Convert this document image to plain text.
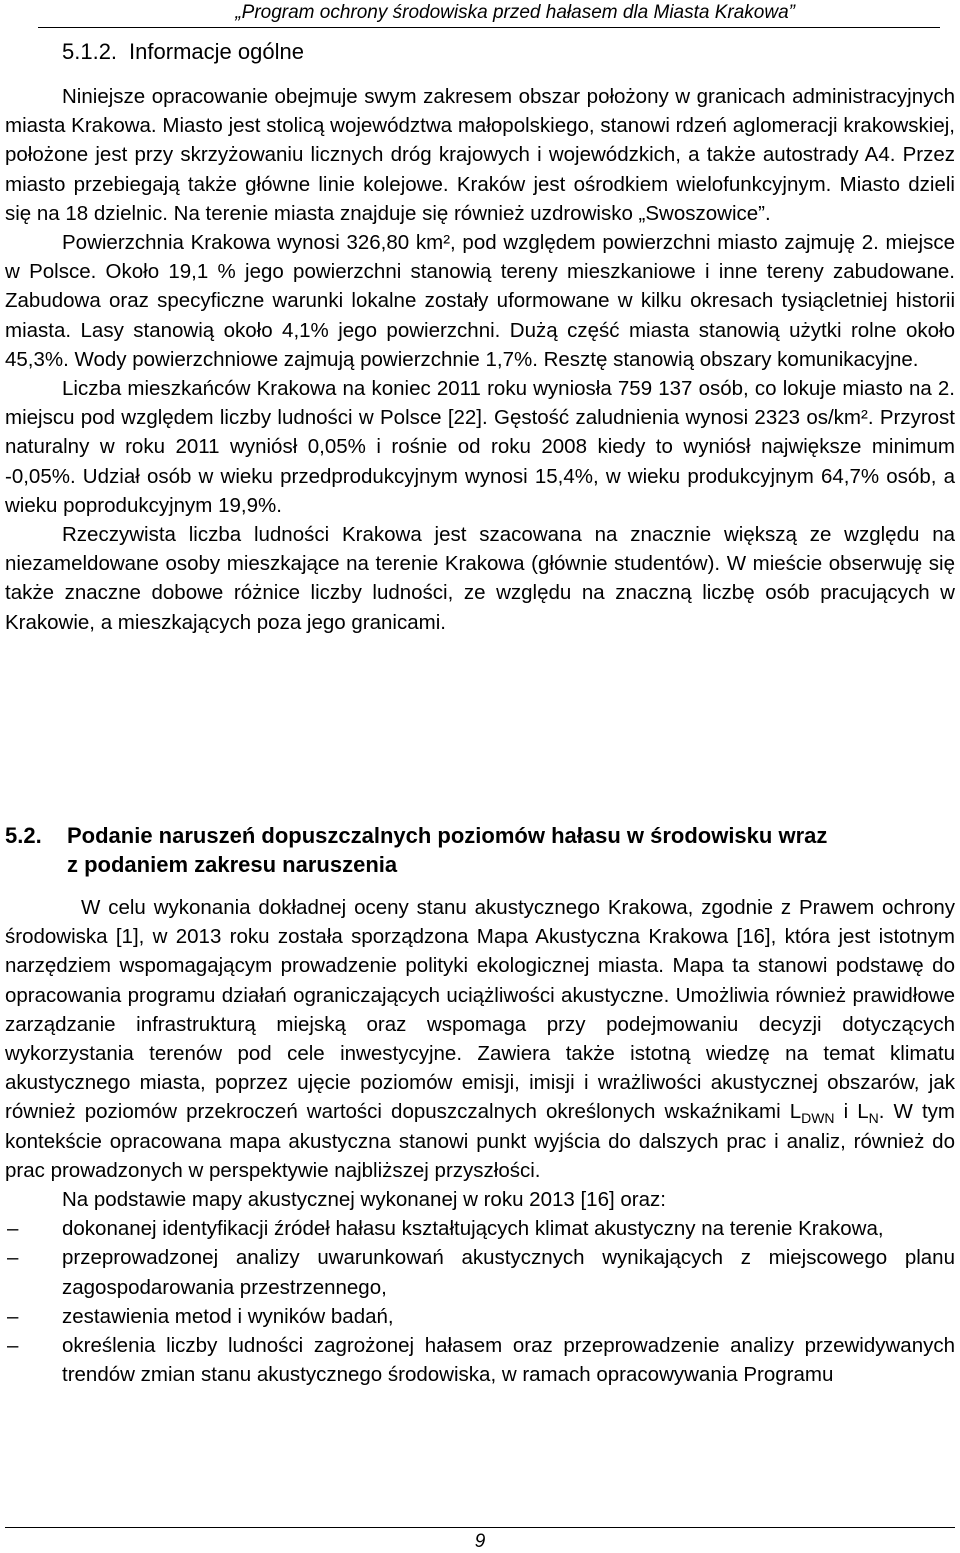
„Program ochrony środowiska przed hałasem dla Miasta Krakowa”
5.1.2. Informacje ogólne

Niniejsze opracowanie obejmuje swym zakresem obszar położony w granicach administracyjnych miasta Krakowa. Miasto jest stolicą województwa małopolskiego, stanowi rdzeń aglomeracji krakowskiej, położone jest przy skrzyżowaniu licznych dróg krajowych i wojewódzkich, a także autostrady A4. Przez miasto przebiegają także główne linie kolejowe. Kraków jest ośrodkiem wielofunkcyjnym. Miasto dzieli się na 18 dzielnic. Na terenie miasta znajduje się również uzdrowisko „Swoszowice”.

Powierzchnia Krakowa wynosi 326,80 km², pod względem powierzchni miasto zajmuję 2. miejsce w Polsce. Około 19,1 % jego powierzchni stanowią tereny mieszkaniowe i inne tereny zabudowane. Zabudowa oraz specyficzne warunki lokalne zostały uformowane w kilku okresach tysiącletniej historii miasta. Lasy stanowią około 4,1% jego powierzchni. Dużą część miasta stanowią użytki rolne około 45,3%. Wody powierzchniowe zajmują powierzchnie 1,7%. Resztę stanowią obszary komunikacyjne.

Liczba mieszkańców Krakowa na koniec 2011 roku wyniosła 759 137 osób, co lokuje miasto na 2. miejscu pod względem liczby ludności w Polsce [22]. Gęstość zaludnienia wynosi 2323 os/km². Przyrost naturalny w roku 2011 wyniósł 0,05% i rośnie od roku 2008 kiedy to wyniósł największe minimum -0,05%. Udział osób w wieku przedprodukcyjnym wynosi 15,4%, w wieku produkcyjnym 64,7% osób, a wieku poprodukcyjnym 19,9%.

Rzeczywista liczba ludności Krakowa jest szacowana na znacznie większą ze względu na niezameldowane osoby mieszkające na terenie Krakowa (głównie studentów). W mieście obserwuję się także znaczne dobowe różnice liczby ludności, ze względu na znaczną liczbę osób pracujących w Krakowie, a mieszkających poza jego granicami.

5.2. Podanie naruszeń dopuszczalnych poziomów hałasu w środowisku wraz
z podaniem zakresu naruszenia

W celu wykonania dokładnej oceny stanu akustycznego Krakowa, zgodnie z Prawem ochrony środowiska [1], w 2013 roku została sporządzona Mapa Akustyczna Krakowa [16], która jest istotnym narzędziem wspomagającym prowadzenie polityki ekologicznej miasta. Mapa ta stanowi podstawę do opracowania programu działań ograniczających uciążliwości akustyczne. Umożliwia również prawidłowe zarządzanie infrastrukturą miejską oraz wspomaga przy podejmowaniu decyzji dotyczących wykorzystania terenów pod cele inwestycyjne. Zawiera także istotną wiedzę na temat klimatu akustycznego miasta, poprzez ujęcie poziomów emisji, imisji i wrażliwości akustycznej obszarów, jak również poziomów przekroczeń wartości dopuszczalnych określonych wskaźnikami $L_{DWN}$ i $L_N$. W tym kontekście opracowana mapa akustyczna stanowi punkt wyjścia do dalszych prac i analiz, również do prac prowadzonych w perspektywie najbliższej przyszłości.

Na podstawie mapy akustycznej wykonanej w roku 2013 [16] oraz:

– dokonanej identyfikacji źródeł hałasu kształtujących klimat akustyczny na terenie Krakowa,
– przeprowadzonej analizy uwarunkowań akustycznych wynikających z miejscowego planu zagospodarowania przestrzennego,
– zestawienia metod i wyników badań,
– określenia liczby ludności zagrożonej hałasem oraz przeprowadzenie analizy przewidywanych trendów zmian stanu akustycznego środowiska, w ramach opracowywania Programu
9
